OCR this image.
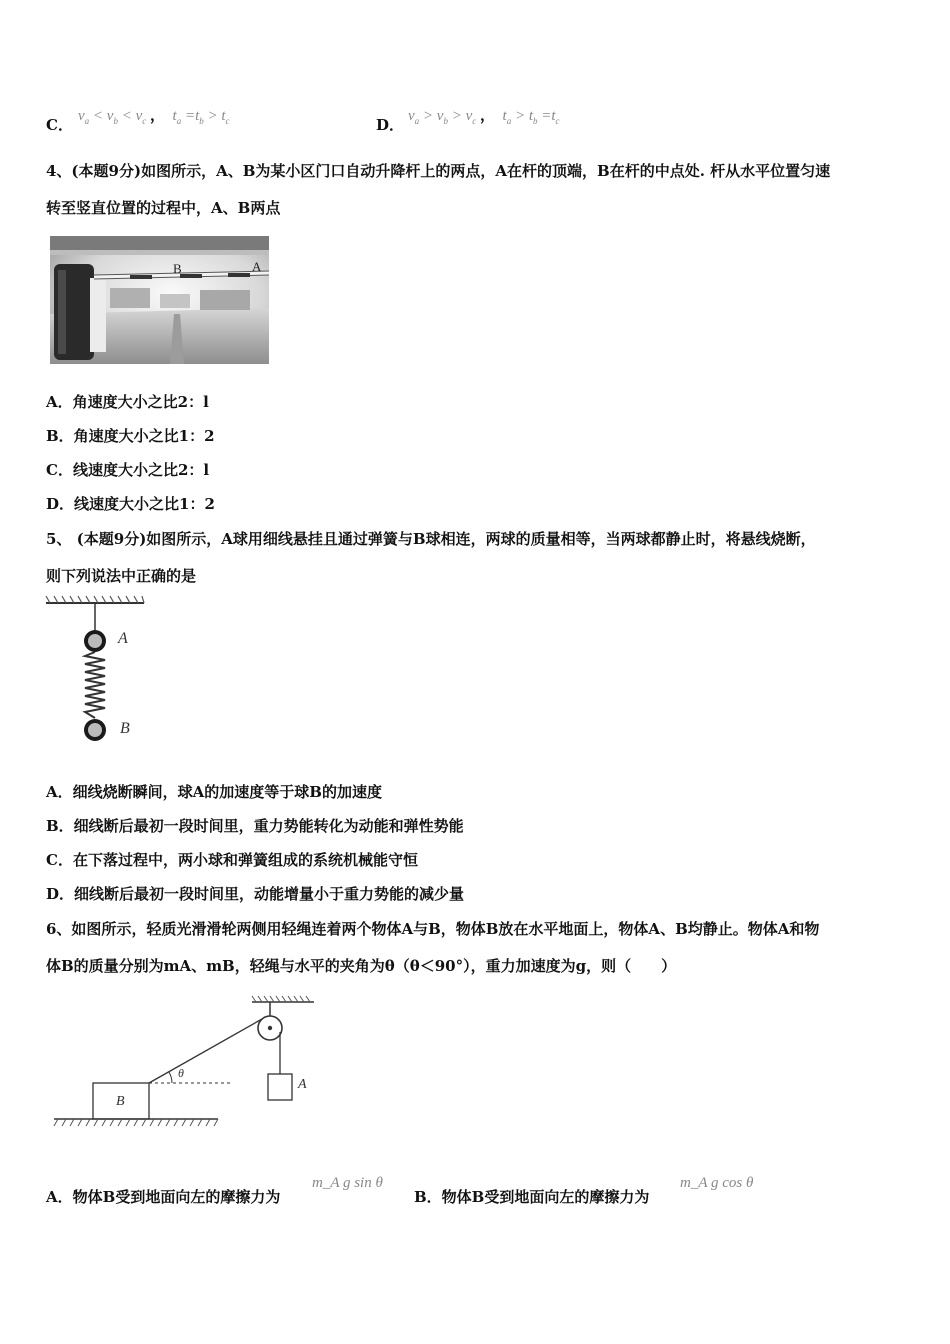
C． $v_a < v_b < v_c$ ， $t_a =t_b > t_c$	D． $v_a > v_b > v_c$ ， $t_a > t_b =t_c$
4、(本题9分)如图所示，A、B为某小区门口自动升降杆上的两点，A在杆的顶端，B在杆的中点处. 杆从水平位置匀速
转至竖直位置的过程中，A、B两点
B	A
A．角速度大小之比2：l
B．角速度大小之比1：2
C．线速度大小之比2：l
D．线速度大小之比1：2
5、 (本题9分)如图所示，A球用细线悬挂且通过弹簧与B球相连，两球的质量相等，当两球都静止时，将悬线烧断，
则下列说法中正确的是
A
B
A．细线烧断瞬间，球A的加速度等于球B的加速度
B．细线断后最初一段时间里，重力势能转化为动能和弹性势能
C．在下落过程中，两小球和弹簧组成的系统机械能守恒
D．细线断后最初一段时间里，动能增量小于重力势能的减少量
6、如图所示，轻质光滑滑轮两侧用轻绳连着两个物体A与B，物体B放在水平地面上，物体A、B均静止。物体A和物
体B的质量分别为mA、mB，轻绳与水平的夹角为θ（θ＜90°），重力加速度为g，则（　　）
θ
B
A
A．物体B受到地面向左的摩擦力为
m_A g sin θ
B．物体B受到地面向左的摩擦力为
m_A g cos θ
